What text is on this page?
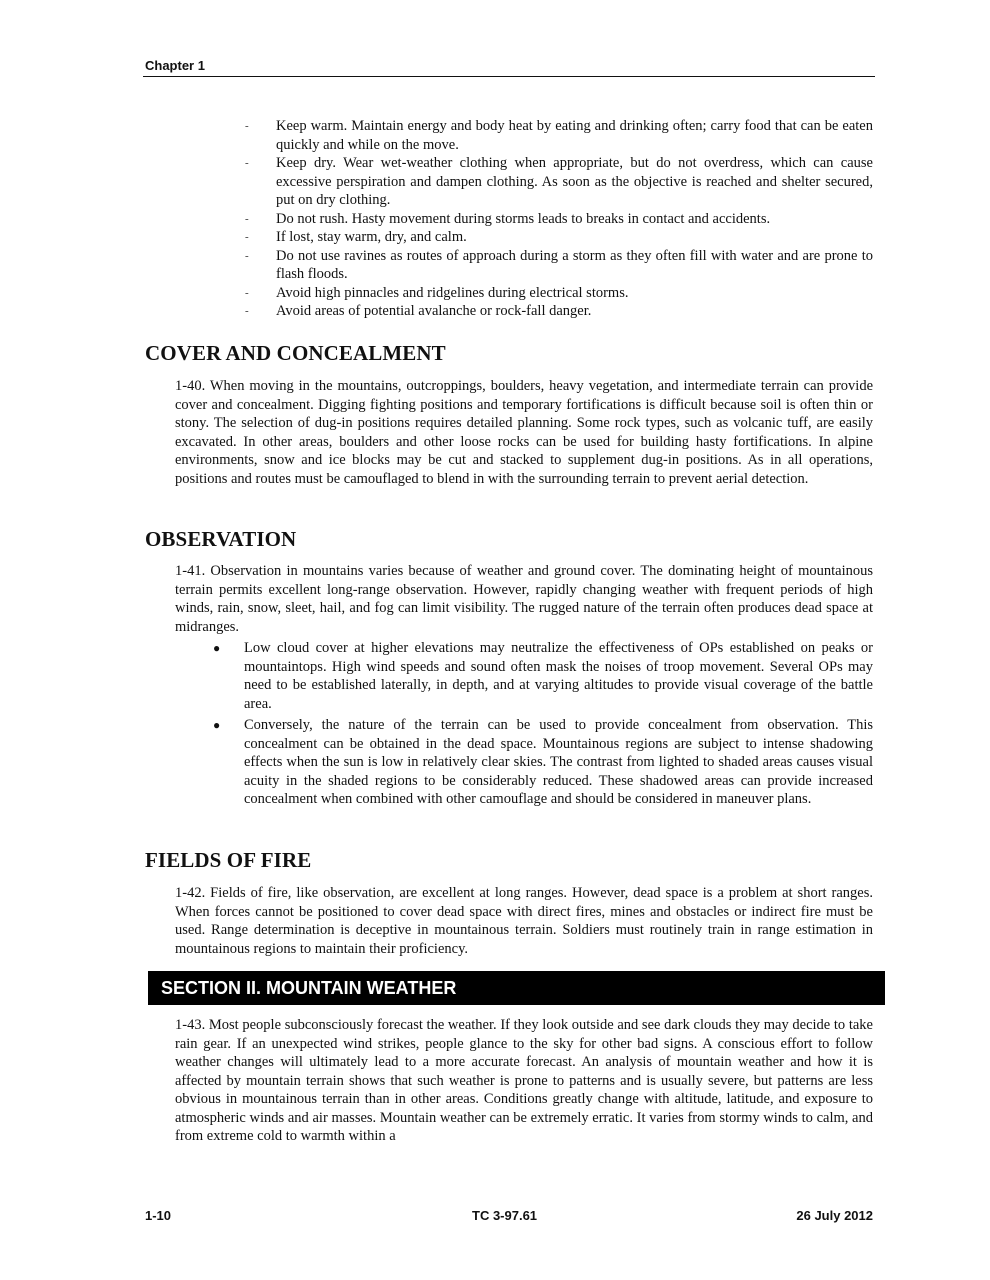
Chapter 1
- Keep warm. Maintain energy and body heat by eating and drinking often; carry food that can be eaten quickly and while on the move.
- Keep dry. Wear wet-weather clothing when appropriate, but do not overdress, which can cause excessive perspiration and dampen clothing. As soon as the objective is reached and shelter secured, put on dry clothing.
- Do not rush. Hasty movement during storms leads to breaks in contact and accidents.
- If lost, stay warm, dry, and calm.
- Do not use ravines as routes of approach during a storm as they often fill with water and are prone to flash floods.
- Avoid high pinnacles and ridgelines during electrical storms.
- Avoid areas of potential avalanche or rock-fall danger.
COVER AND CONCEALMENT

1-40. When moving in the mountains, outcroppings, boulders, heavy vegetation, and intermediate terrain can provide cover and concealment. Digging fighting positions and temporary fortifications is difficult because soil is often thin or stony. The selection of dug-in positions requires detailed planning. Some rock types, such as volcanic tuff, are easily excavated. In other areas, boulders and other loose rocks can be used for building hasty fortifications. In alpine environments, snow and ice blocks may be cut and stacked to supplement dug-in positions. As in all operations, positions and routes must be camouflaged to blend in with the surrounding terrain to prevent aerial detection.

OBSERVATION

1-41. Observation in mountains varies because of weather and ground cover. The dominating height of mountainous terrain permits excellent long-range observation. However, rapidly changing weather with frequent periods of high winds, rain, snow, sleet, hail, and fog can limit visibility. The rugged nature of the terrain often produces dead space at midranges.

● Low cloud cover at higher elevations may neutralize the effectiveness of OPs established on peaks or mountaintops. High wind speeds and sound often mask the noises of troop movement. Several OPs may need to be established laterally, in depth, and at varying altitudes to provide visual coverage of the battle area.
● Conversely, the nature of the terrain can be used to provide concealment from observation. This concealment can be obtained in the dead space. Mountainous regions are subject to intense shadowing effects when the sun is low in relatively clear skies. The contrast from lighted to shaded areas causes visual acuity in the shaded regions to be considerably reduced. These shadowed areas can provide increased concealment when combined with other camouflage and should be considered in maneuver plans.
FIELDS OF FIRE

1-42. Fields of fire, like observation, are excellent at long ranges. However, dead space is a problem at short ranges. When forces cannot be positioned to cover dead space with direct fires, mines and obstacles or indirect fire must be used. Range determination is deceptive in mountainous terrain. Soldiers must routinely train in range estimation in mountainous regions to maintain their proficiency.

SECTION II. MOUNTAIN WEATHER

1-43. Most people subconsciously forecast the weather. If they look outside and see dark clouds they may decide to take rain gear. If an unexpected wind strikes, people glance to the sky for other bad signs. A conscious effort to follow weather changes will ultimately lead to a more accurate forecast. An analysis of mountain weather and how it is affected by mountain terrain shows that such weather is prone to patterns and is usually severe, but patterns are less obvious in mountainous terrain than in other areas. Conditions greatly change with altitude, latitude, and exposure to atmospheric winds and air masses. Mountain weather can be extremely erratic. It varies from stormy winds to calm, and from extreme cold to warmth within a

1-10	TC 3-97.61	26 July 2012
